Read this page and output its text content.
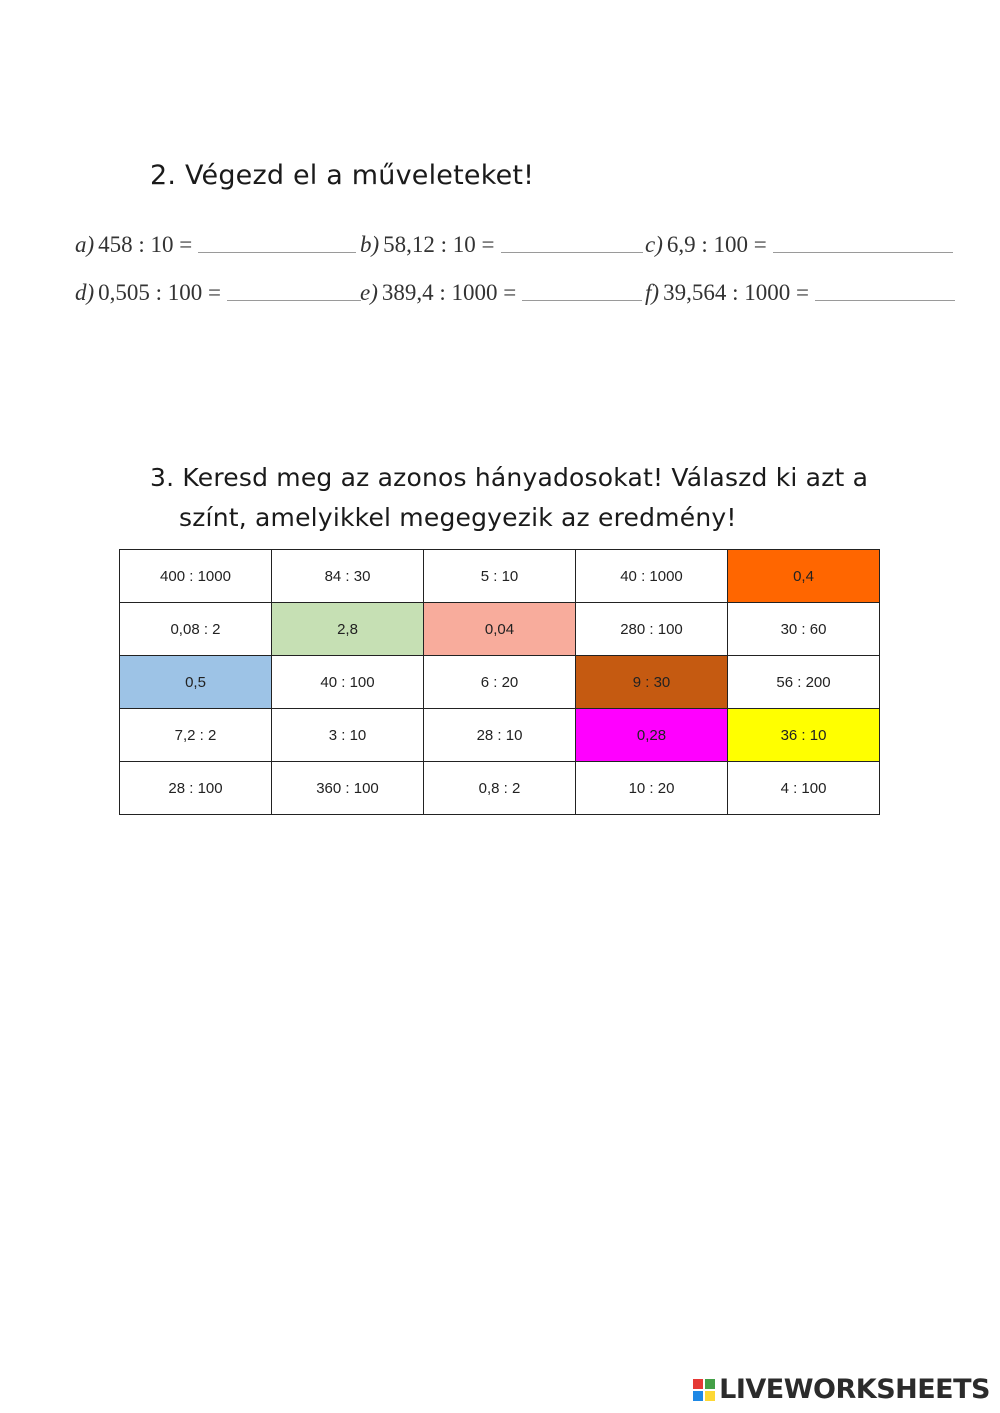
2. Végezd el a műveleteket!
a) 458 : 10 =	b) 58,12 : 10 =	c) 6,9 : 100 =
d) 0,505 : 100 =	e) 389,4 : 1000 =	f) 39,564 : 1000 =
3. Keresd meg az azonos hányadosokat! Válaszd ki azt a
színt, amelyikkel megegyezik az eredmény!
400 : 1000	84 : 30	5 : 10	40 : 1000	0,4
0,08 : 2	2,8	0,04	280 : 100	30 : 60
0,5	40 : 100	6 : 20	9 : 30	56 : 200
7,2 : 2	3 : 10	28 : 10	0,28	36 : 10
28 : 100	360 : 100	0,8 : 2	10 : 20	4 : 100
LIVEWORKSHEETS
